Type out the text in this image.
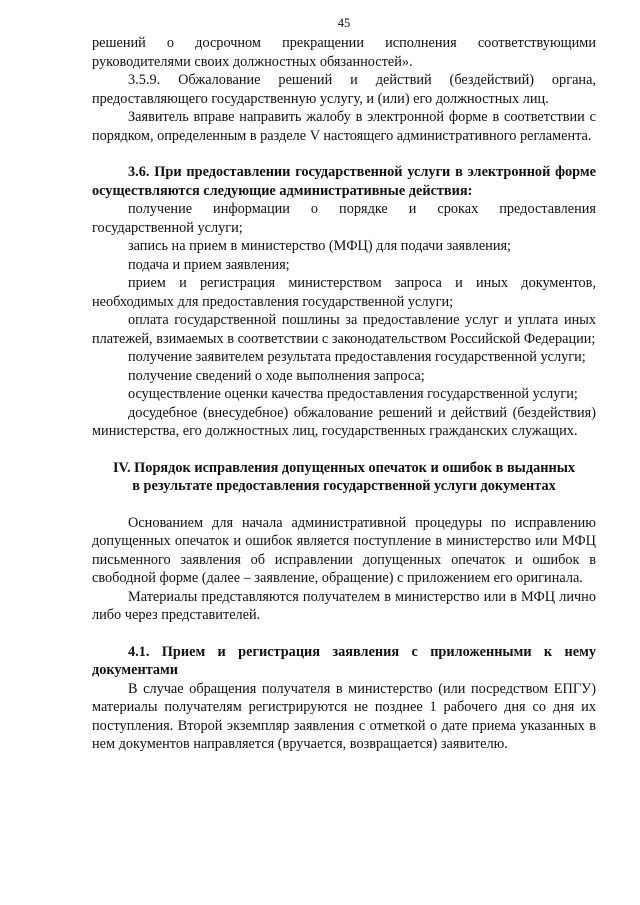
45

решений о досрочном прекращении исполнения соответствующими руководителями своих должностных обязанностей».

3.5.9. Обжалование решений и действий (бездействий) органа, предоставляющего государственную услугу, и (или) его должностных лиц.

Заявитель вправе направить жалобу в электронной форме в соответствии с порядком, определенным в разделе V настоящего административного регламента.

3.6. При предоставлении государственной услуги в электронной форме осуществляются следующие административные действия:

получение информации о порядке и сроках предоставления государственной услуги;

запись на прием в министерство (МФЦ) для подачи заявления;

подача и прием заявления;

прием и регистрация министерством запроса и иных документов, необходимых для предоставления государственной услуги;

оплата государственной пошлины за предоставление услуг и уплата иных платежей, взимаемых в соответствии с законодательством Российской Федерации;

получение заявителем результата предоставления государственной услуги;

получение сведений о ходе выполнения запроса;

осуществление оценки качества предоставления государственной услуги;

досудебное (внесудебное) обжалование решений и действий (бездействия) министерства, его должностных лиц, государственных гражданских служащих.

IV. Порядок исправления допущенных опечаток и ошибок в выданных

в результате предоставления государственной услуги документах

Основанием для начала административной процедуры по исправлению допущенных опечаток и ошибок является поступление в министерство или МФЦ письменного заявления об исправлении допущенных опечаток и ошибок в свободной форме (далее – заявление, обращение) с приложением его оригинала.

Материалы представляются получателем в министерство или в МФЦ лично либо через представителей.

4.1. Прием и регистрация заявления с приложенными к нему документами

В случае обращения получателя в министерство (или посредством ЕПГУ) материалы получателям регистрируются не позднее 1 рабочего дня со дня их поступления. Второй экземпляр заявления с отметкой о дате приема указанных в нем документов направляется (вручается, возвращается) заявителю.
